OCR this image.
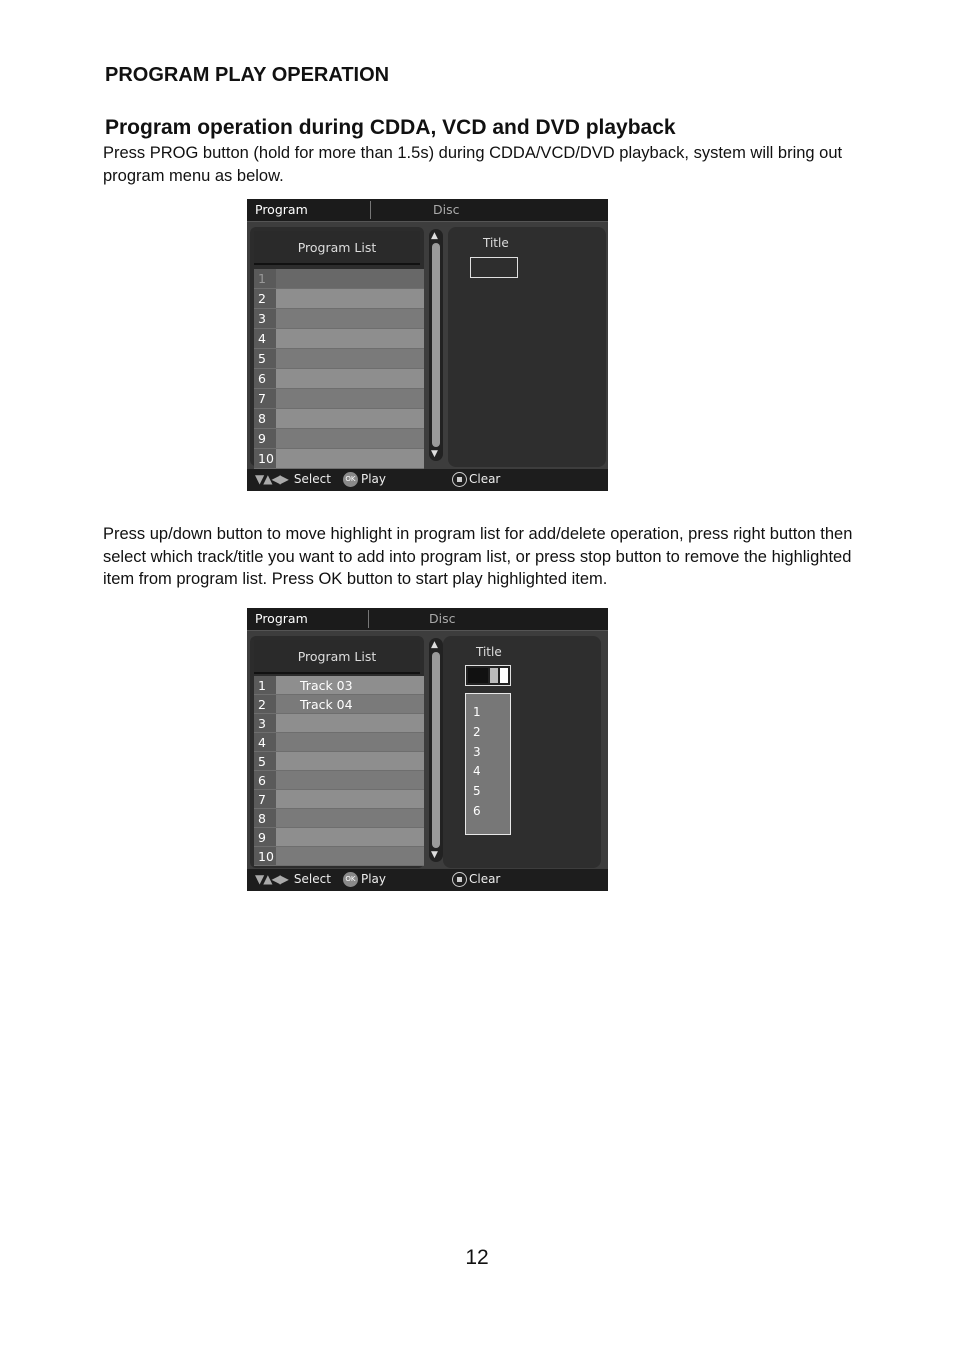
PROGRAM PLAY OPERATION
Program operation during CDDA, VCD and DVD playback

Press PROG button (hold for more than 1.5s) during CDDA/VCD/DVD playback, system will bring out program menu as below.

Program	Disc
Program List
1
2
3
4
5
6
7
8
9
10
▲
▼
Title
▼▲◀▶ Select OK Play	Clear

Press up/down button to move highlight in program list for add/delete operation, press right button then select which track/title you want to add into program list, or press stop button to remove the highlighted item from program list. Press OK button to start play highlighted item.

Program	Disc
Program List
1	Track 03
2	Track 04
3
4
5
6
7
8
9
10
▲
▼
Title
1
2
3
4
5
6
▼▲◀▶ Select OK Play	Clear
12
